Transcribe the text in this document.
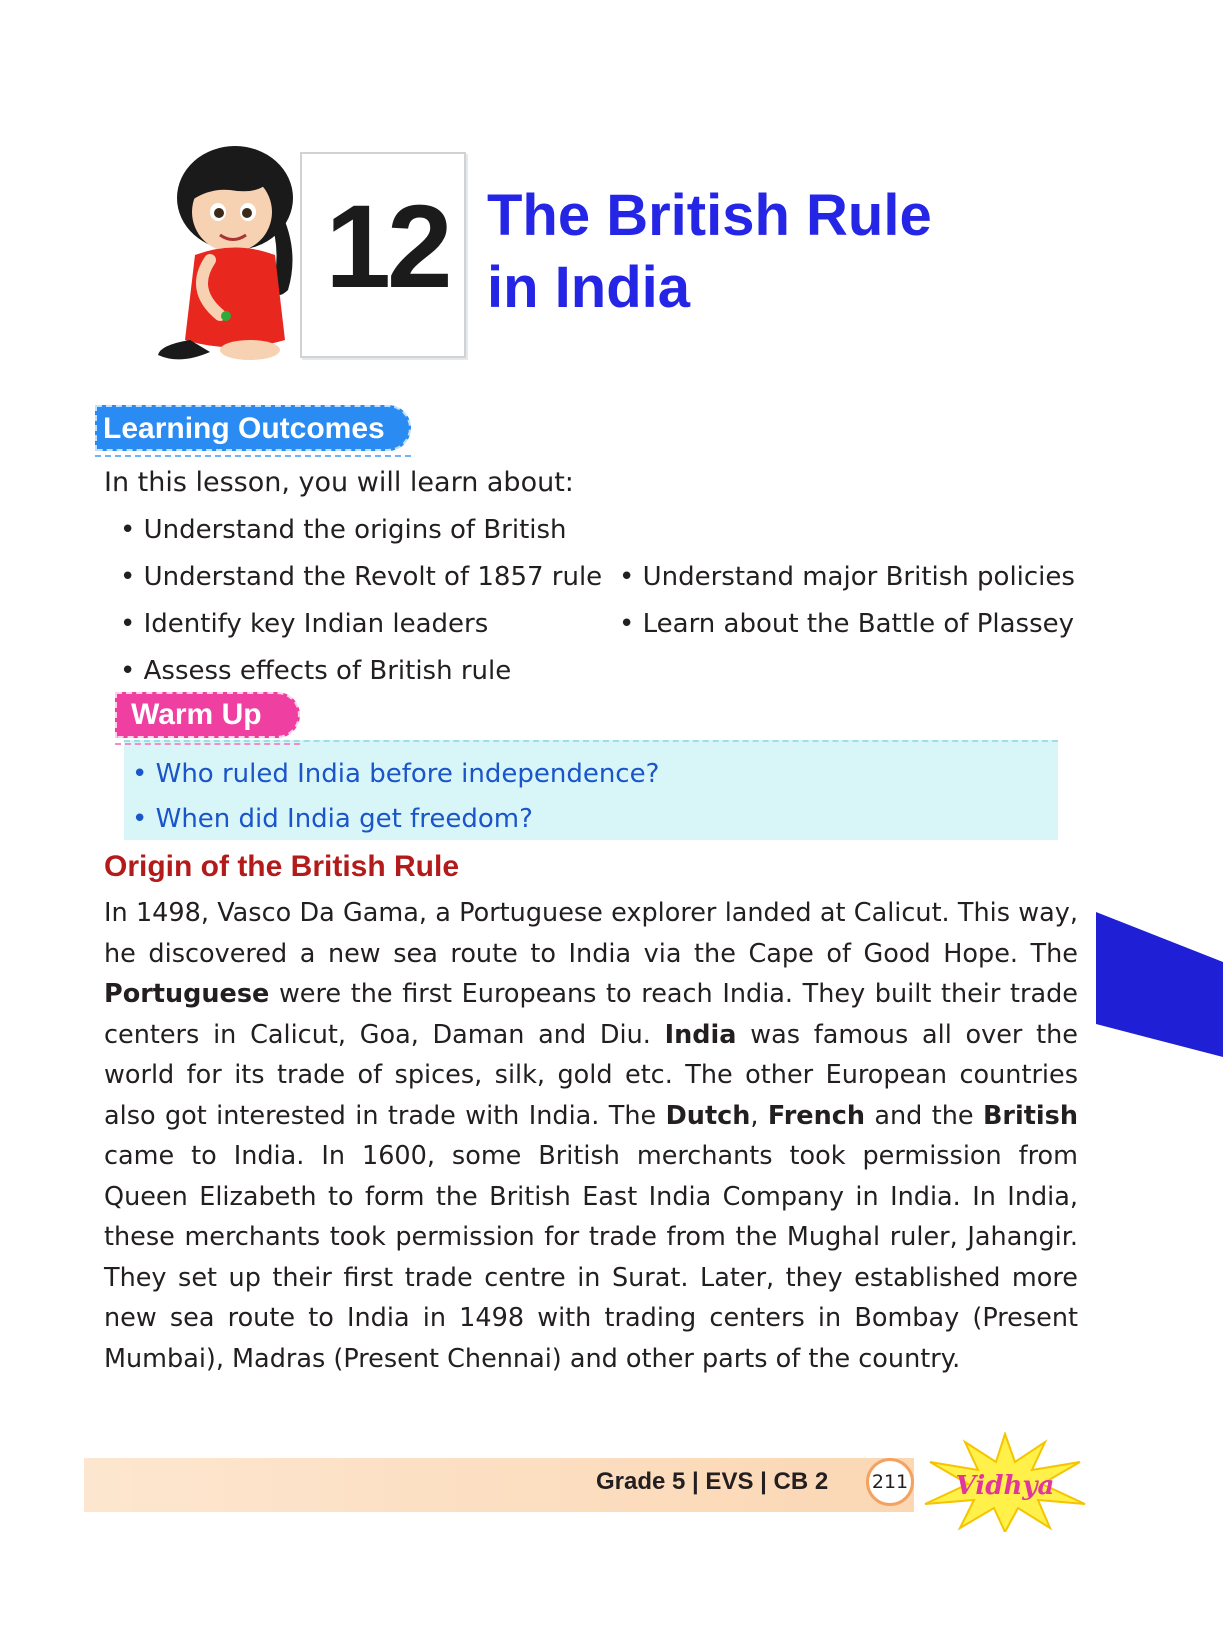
12 The British Rule
in India
Learning Outcomes
In this lesson, you will learn about:
• Understand the origins of British
• Understand the Revolt of 1857 rule
• Identify key Indian leaders
• Assess effects of British rule
• Understand major British policies
• Learn about the Battle of Plassey
• Who ruled India before independence?
• When did India get freedom?
Warm Up
Origin of the British Rule
In 1498, Vasco Da Gama, a Portuguese explorer landed at Calicut. This way, he discovered a new sea route to India via the Cape of Good Hope. The Portuguese were the first Europeans to reach India. They built their trade centers in Calicut, Goa, Daman and Diu. India was famous all over the world for its trade of spices, silk, gold etc. The other European countries also got interested in trade with India. The Dutch, French and the British came to India. In 1600, some British merchants took permission from Queen Elizabeth to form the British East India Company in India. In India, these merchants took permission for trade from the Mughal ruler, Jahangir. They set up their first trade centre in Surat. Later, they established more new sea route to India in 1498 with trading centers in Bombay (Present Mumbai), Madras (Present Chennai) and other parts of the country.
Grade 5 | EVS | CB 2	211 Vidhya
